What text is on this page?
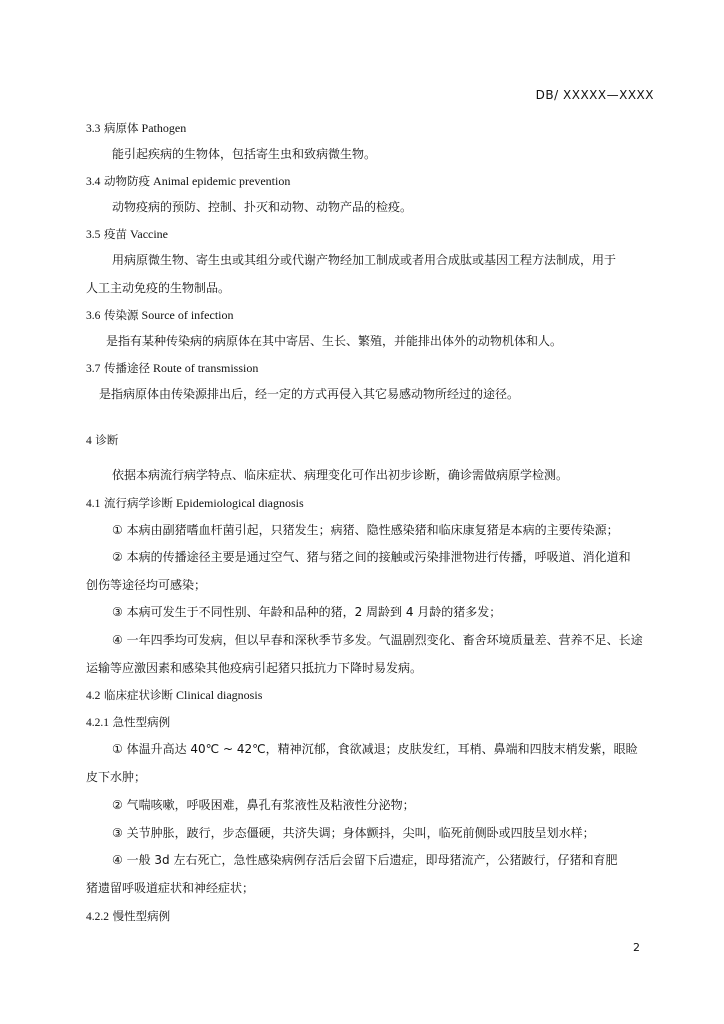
DB/ XXXXX—XXXX
3.3 病原体 Pathogen
能引起疾病的生物体，包括寄生虫和致病微生物。
3.4 动物防疫 Animal epidemic prevention
动物疫病的预防、控制、扑灭和动物、动物产品的检疫。
3.5 疫苗 Vaccine
用病原微生物、寄生虫或其组分或代谢产物经加工制成或者用合成肽或基因工程方法制成，用于
人工主动免疫的生物制品。
3.6 传染源 Source of infection
是指有某种传染病的病原体在其中寄居、生长、繁殖，并能排出体外的动物机体和人。
3.7 传播途径 Route of transmission
是指病原体由传染源排出后，经一定的方式再侵入其它易感动物所经过的途径。
4 诊断
依据本病流行病学特点、临床症状、病理变化可作出初步诊断，确诊需做病原学检测。
4.1 流行病学诊断 Epidemiological diagnosis
① 本病由副猪嗜血杆菌引起，只猪发生；病猪、隐性感染猪和临床康复猪是本病的主要传染源；
② 本病的传播途径主要是通过空气、猪与猪之间的接触或污染排泄物进行传播，呼吸道、消化道和
创伤等途径均可感染；
③ 本病可发生于不同性别、年龄和品种的猪，2 周龄到 4 月龄的猪多发；
④ 一年四季均可发病，但以早春和深秋季节多发。气温剧烈变化、畜舍环境质量差、营养不足、长途
运输等应激因素和感染其他疫病引起猪只抵抗力下降时易发病。
4.2 临床症状诊断 Clinical diagnosis
4.2.1 急性型病例
① 体温升高达 40℃ ~ 42℃，精神沉郁，食欲减退；皮肤发红，耳梢、鼻端和四肢末梢发紫，眼睑
皮下水肿；
② 气喘咳嗽，呼吸困难，鼻孔有浆液性及粘液性分泌物；
③ 关节肿胀，跛行，步态僵硬，共济失调；身体颤抖，尖叫，临死前侧卧或四肢呈划水样；
④ 一般 3d 左右死亡，急性感染病例存活后会留下后遗症，即母猪流产，公猪跛行，仔猪和育肥
猪遗留呼吸道症状和神经症状；
4.2.2 慢性型病例
2
